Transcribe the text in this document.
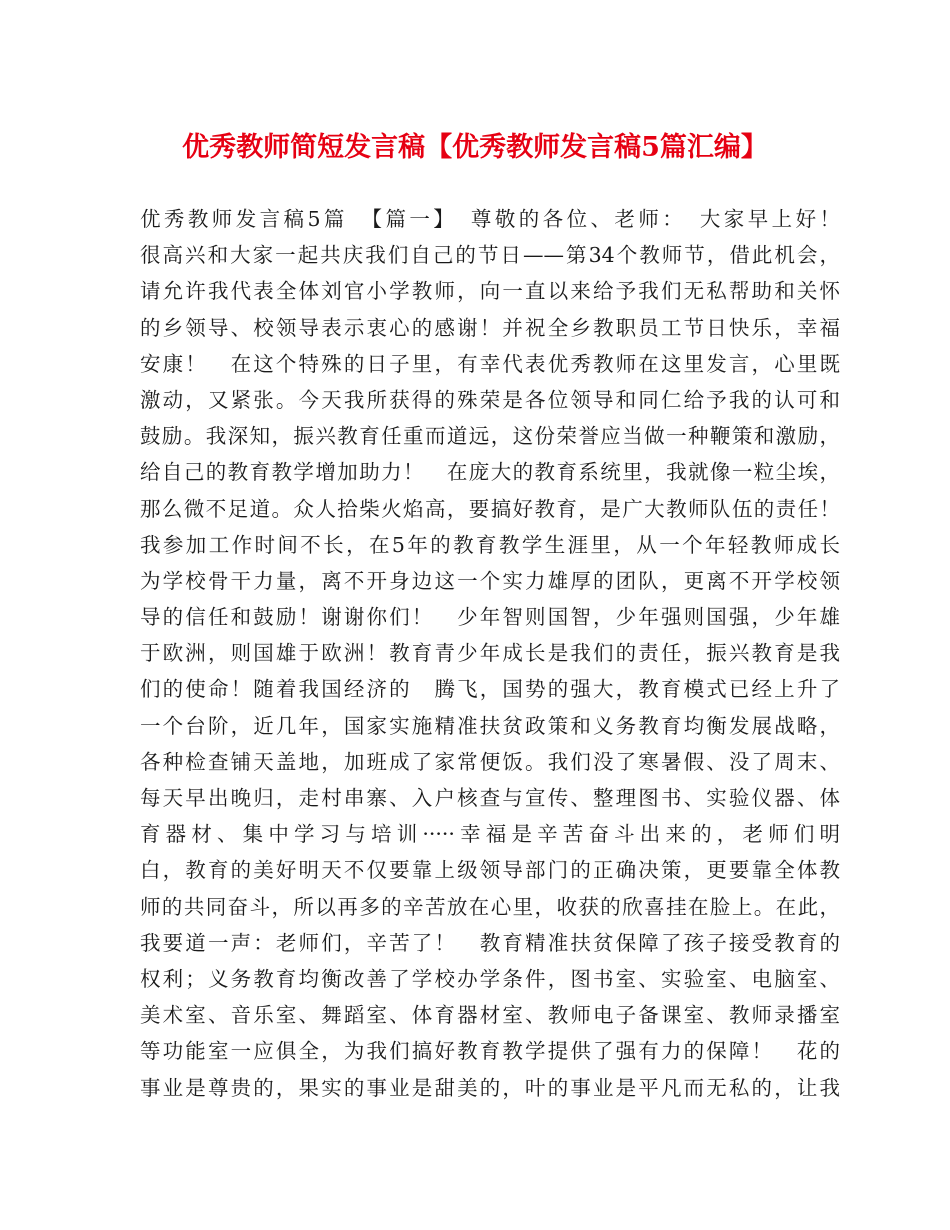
优秀教师简短发言稿【优秀教师发言稿5篇汇编】
优秀教师发言稿5篇　【篇一】　尊敬的各位、老师：　大家早上好！
很高兴和大家一起共庆我们自己的节日——第34个教师节，借此机会，
请允许我代表全体刘官小学教师，向一直以来给予我们无私帮助和关怀
的乡领导、校领导表示衷心的感谢！并祝全乡教职员工节日快乐，幸福
安康！　在这个特殊的日子里，有幸代表优秀教师在这里发言，心里既
激动，又紧张。今天我所获得的殊荣是各位领导和同仁给予我的认可和
鼓励。我深知，振兴教育任重而道远，这份荣誉应当做一种鞭策和激励，
给自己的教育教学增加助力！　在庞大的教育系统里，我就像一粒尘埃，
那么微不足道。众人拾柴火焰高，要搞好教育，是广大教师队伍的责任！
我参加工作时间不长，在5年的教育教学生涯里，从一个年轻教师成长
为学校骨干力量，离不开身边这一个实力雄厚的团队，更离不开学校领
导的信任和鼓励！谢谢你们！　少年智则国智，少年强则国强，少年雄
于欧洲，则国雄于欧洲！教育青少年成长是我们的责任，振兴教育是我
们的使命！随着我国经济的　腾飞，国势的强大，教育模式已经上升了
一个台阶，近几年，国家实施精准扶贫政策和义务教育均衡发展战略，
各种检查铺天盖地，加班成了家常便饭。我们没了寒暑假、没了周末、
每天早出晚归，走村串寨、入户核查与宣传、整理图书、实验仪器、体
育器材、集中学习与培训·····幸福是辛苦奋斗出来的，老师们明
白，教育的美好明天不仅要靠上级领导部门的正确决策，更要靠全体教
师的共同奋斗，所以再多的辛苦放在心里，收获的欣喜挂在脸上。在此，
我要道一声：老师们，辛苦了！　教育精准扶贫保障了孩子接受教育的
权利；义务教育均衡改善了学校办学条件，图书室、实验室、电脑室、
美术室、音乐室、舞蹈室、体育器材室、教师电子备课室、教师录播室
等功能室一应俱全，为我们搞好教育教学提供了强有力的保障！　花的
事业是尊贵的，果实的事业是甜美的，叶的事业是平凡而无私的，让我
